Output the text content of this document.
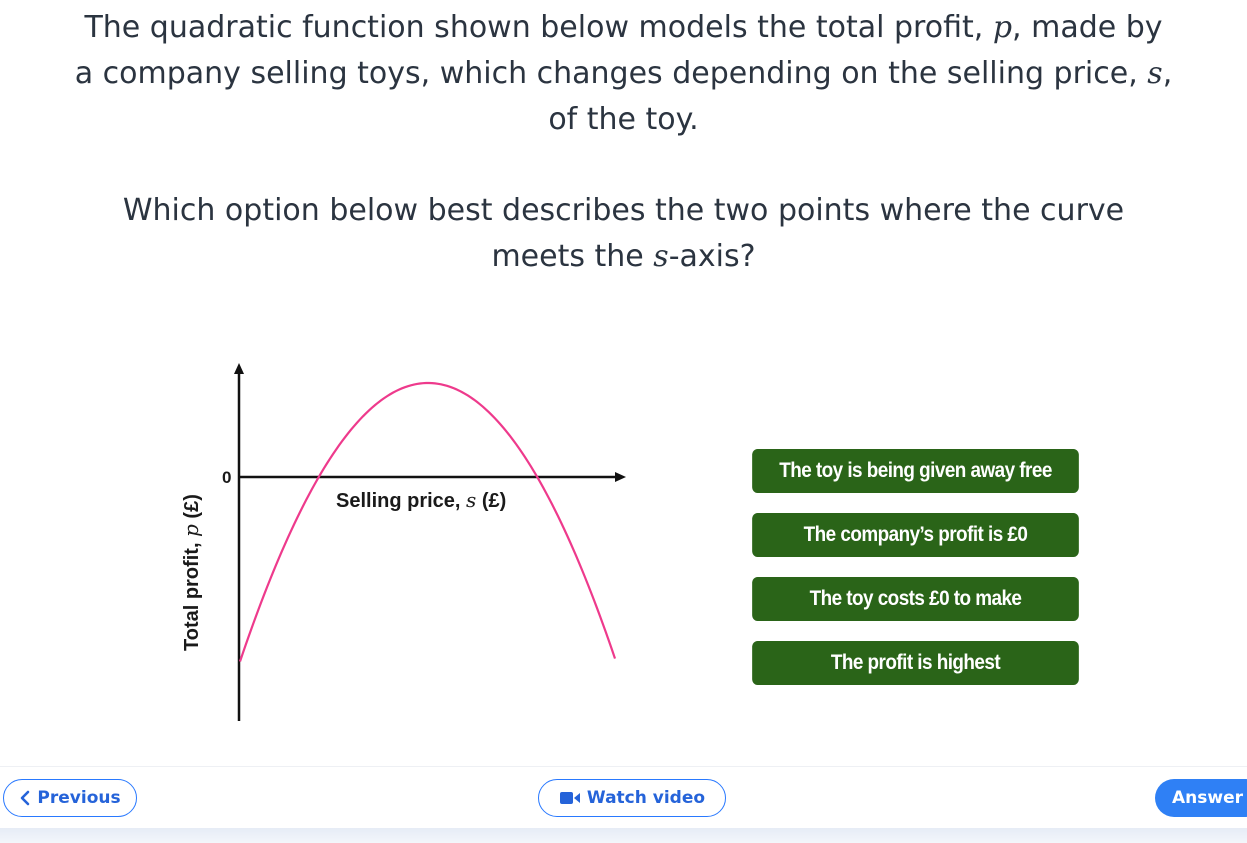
The quadratic function shown below models the total profit, p, made by
a company selling toys, which changes depending on the selling price, s,
of the toy.
Which option below best describes the two points where the curve
meets the s-axis?
0
Selling price, s (£)
Total profit, p (£)
The toy is being given away free
The company’s profit is £0
The toy costs £0 to make
The profit is highest
Previous	Watch video	Answer
